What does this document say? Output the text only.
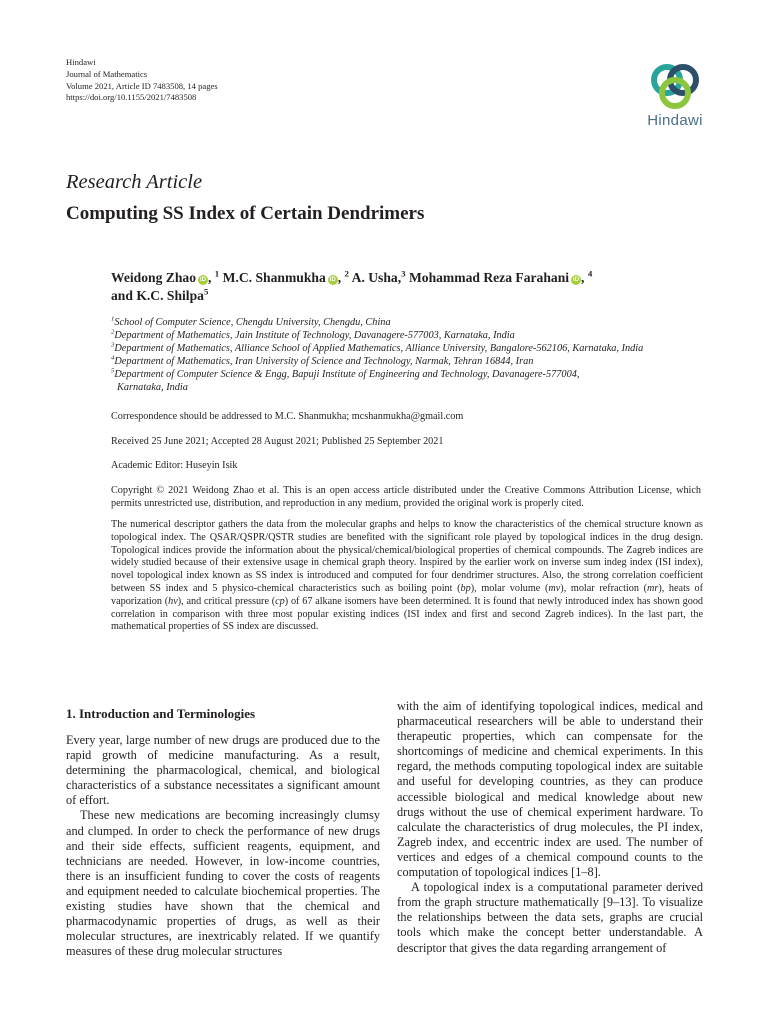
Hindawi
Journal of Mathematics
Volume 2021, Article ID 7483508, 14 pages
https://doi.org/10.1155/2021/7483508
Hindawi
Research Article
Computing SS Index of Certain Dendrimers
Weidong Zhao iD , $^1$ M.C. Shanmukha iD , $^2$ A. Usha,$^3$ Mohammad Reza Farahani iD , $^4$
and K.C. Shilpa$^5$
$^1$School of Computer Science, Chengdu University, Chengdu, China
$^2$Department of Mathematics, Jain Institute of Technology, Davanagere-577003, Karnataka, India
$^3$Department of Mathematics, Alliance School of Applied Mathematics, Alliance University, Bangalore-562106, Karnataka, India
$^4$Department of Mathematics, Iran University of Science and Technology, Narmak, Tehran 16844, Iran
$^5$Department of Computer Science & Engg, Bapuji Institute of Engineering and Technology, Davanagere-577004,
Karnataka, India
Correspondence should be addressed to M.C. Shanmukha; mcshanmukha@gmail.com
Received 25 June 2021; Accepted 28 August 2021; Published 25 September 2021
Academic Editor: Huseyin Isik
Copyright © 2021 Weidong Zhao et al. This is an open access article distributed under the Creative Commons Attribution License, which permits unrestricted use, distribution, and reproduction in any medium, provided the original work is properly cited.
The numerical descriptor gathers the data from the molecular graphs and helps to know the characteristics of the chemical structure known as topological index. The QSAR/QSPR/QSTR studies are benefited with the significant role played by topological indices in the drug design. Topological indices provide the information about the physical/chemical/biological properties of chemical compounds. The Zagreb indices are widely studied because of their extensive usage in chemical graph theory. Inspired by the earlier work on inverse sum indeg index (ISI index), novel topological index known as SS index is introduced and computed for four dendrimer structures. Also, the strong correlation coefficient between SS index and 5 physico-chemical characteristics such as boiling point (bp), molar volume (mv), molar refraction (mr), heats of vaporization (hv), and critical pressure (cp) of 67 alkane isomers have been determined. It is found that newly introduced index has shown good correlation in comparison with three most popular existing indices (ISI index and first and second Zagreb indices). In the last part, the mathematical properties of SS index are discussed.
1. Introduction and Terminologies

Every year, large number of new drugs are produced due to the rapid growth of medicine manufacturing. As a result, determining the pharmacological, chemical, and biological characteristics of a substance necessitates a significant amount of effort.

These new medications are becoming increasingly clumsy and clumped. In order to check the performance of new drugs and their side effects, sufficient reagents, equipment, and technicians are needed. However, in low-income countries, there is an insufficient funding to cover the costs of reagents and equipment needed to calculate biochemical properties. The existing studies have shown that the chemical and pharmacodynamic properties of drugs, as well as their molecular structures, are inextricably related. If we quantify measures of these drug molecular structures

with the aim of identifying topological indices, medical and pharmaceutical researchers will be able to understand their therapeutic properties, which can compensate for the shortcomings of medicine and chemical experiments. In this regard, the methods computing topological index are suitable and useful for developing countries, as they can produce accessible biological and medical knowledge about new drugs without the use of chemical experiment hardware. To calculate the characteristics of drug molecules, the PI index, Zagreb index, and eccentric index are used. The number of vertices and edges of a chemical compound counts to the computation of topological indices [1–8].

A topological index is a computational parameter derived from the graph structure mathematically [9–13]. To visualize the relationships between the data sets, graphs are crucial tools which make the concept better understandable. A descriptor that gives the data regarding arrangement of
